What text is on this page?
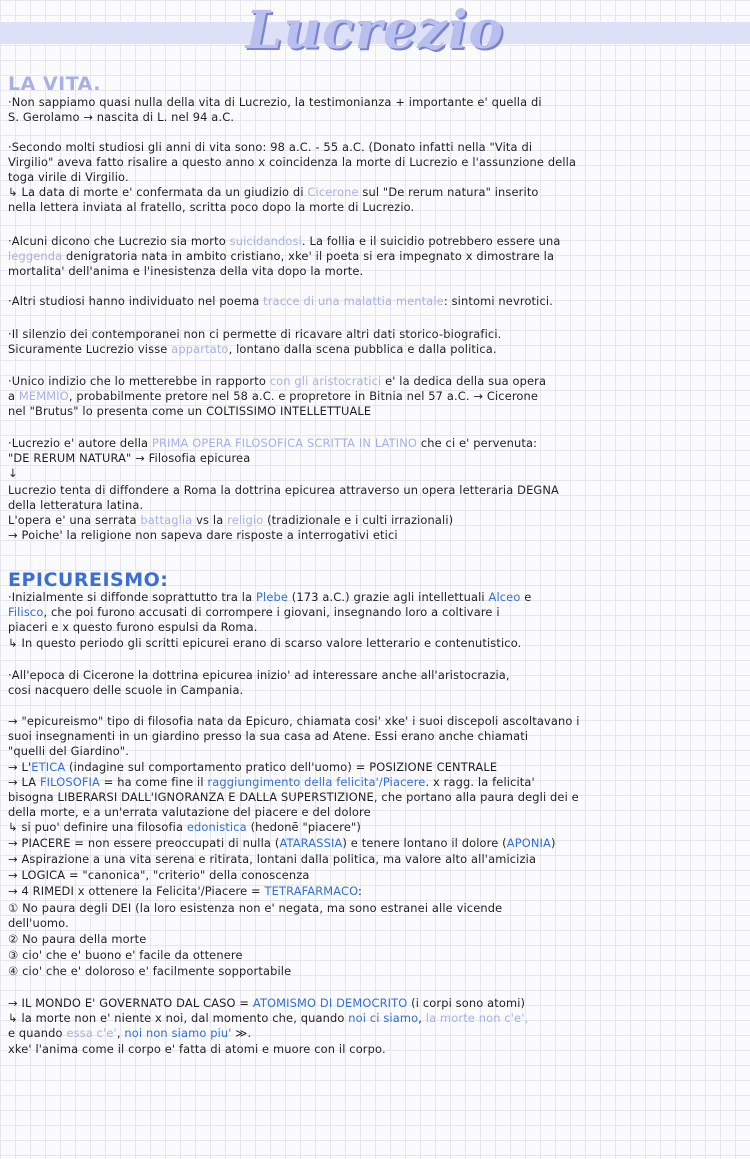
Lucrezio
LA VITA.
EPICUREISMO:
·Non sappiamo quasi nulla della vita di Lucrezio, la testimonianza + importante e' quella di
S. Gerolamo → nascita di L. nel 94 a.C.
·Secondo molti studiosi gli anni di vita sono: 98 a.C. - 55 a.C. (Donato infatti nella "Vita di
Virgilio" aveva fatto risalire a questo anno x coincidenza la morte di Lucrezio e l'assunzione della
toga virile di Virgilio.
↳ La data di morte e' confermata da un giudizio di Cicerone sul "De rerum natura" inserito
nella lettera inviata al fratello, scritta poco dopo la morte di Lucrezio.
·Alcuni dicono che Lucrezio sia morto suicidandosi. La follia e il suicidio potrebbero essere una
leggenda denigratoria nata in ambito cristiano, xke' il poeta si era impegnato x dimostrare la
mortalita' dell'anima e l'inesistenza della vita dopo la morte.
·Altri studiosi hanno individuato nel poema tracce di una malattia mentale: sintomi nevrotici.
·Il silenzio dei contemporanei non ci permette di ricavare altri dati storico-biografici.
Sicuramente Lucrezio visse appartato, lontano dalla scena pubblica e dalla politica.
·Unico indizio che lo metterebbe in rapporto con gli aristocratici e' la dedica della sua opera
a MEMMIO, probabilmente pretore nel 58 a.C. e propretore in Bitnia nel 57 a.C. → Cicerone
nel "Brutus" lo presenta come un COLTISSIMO INTELLETTUALE
·Lucrezio e' autore della PRIMA OPERA FILOSOFICA SCRITTA IN LATINO che ci e' pervenuta:
"DE RERUM NATURA" → Filosofia epicurea
↓
Lucrezio tenta di diffondere a Roma la dottrina epicurea attraverso un opera letteraria DEGNA
della letteratura latina.
L'opera e' una serrata battaglia vs la religio (tradizionale e i culti irrazionali)
→ Poiche' la religione non sapeva dare risposte a interrogativi etici
·Inizialmente si diffonde soprattutto tra la Plebe (173 a.C.) grazie agli intellettuali Alceo e
Filisco, che poi furono accusati di corrompere i giovani, insegnando loro a coltivare i
piaceri e x questo furono espulsi da Roma.
↳ In questo periodo gli scritti epicurei erano di scarso valore letterario e contenutistico.
·All'epoca di Cicerone la dottrina epicurea inizio' ad interessare anche all'aristocrazia,
cosi nacquero delle scuole in Campania.
→ "epicureismo" tipo di filosofia nata da Epicuro, chiamata cosi' xke' i suoi discepoli ascoltavano i
suoi insegnamenti in un giardino presso la sua casa ad Atene. Essi erano anche chiamati
"quelli del Giardino".
→ L'ETICA (indagine sul comportamento pratico dell'uomo) = POSIZIONE CENTRALE
→ LA FILOSOFIA = ha come fine il raggiungimento della felicita'/Piacere. x ragg. la felicita'
bisogna LIBERARSI DALL'IGNORANZA E DALLA SUPERSTIZIONE, che portano alla paura degli dei e
della morte, e a un'errata valutazione del piacere e del dolore
↳ si puo' definire una filosofia edonistica (hedonē "piacere")
→ PIACERE = non essere preoccupati di nulla (ATARASSIA) e tenere lontano il dolore (APONIA)
→ Aspirazione a una vita serena e ritirata, lontani dalla politica, ma valore alto all'amicizia
→ LOGICA = "canonica", "criterio" della conoscenza
→ 4 RIMEDI x ottenere la Felicita'/Piacere = TETRAFARMACO:
① No paura degli DEI (la loro esistenza non e' negata, ma sono estranei alle vicende
dell'uomo.
② No paura della morte
③ cio' che e' buono e' facile da ottenere
④ cio' che e' doloroso e' facilmente sopportabile
→ IL MONDO E' GOVERNATO DAL CASO = ATOMISMO DI DEMOCRITO (i corpi sono atomi)
↳ la morte non e' niente x noi, dal momento che, quando noi ci siamo, la morte non c'e',
e quando essa c'e', noi non siamo piu' ≫.
xke' l'anima come il corpo e' fatta di atomi e muore con il corpo.
